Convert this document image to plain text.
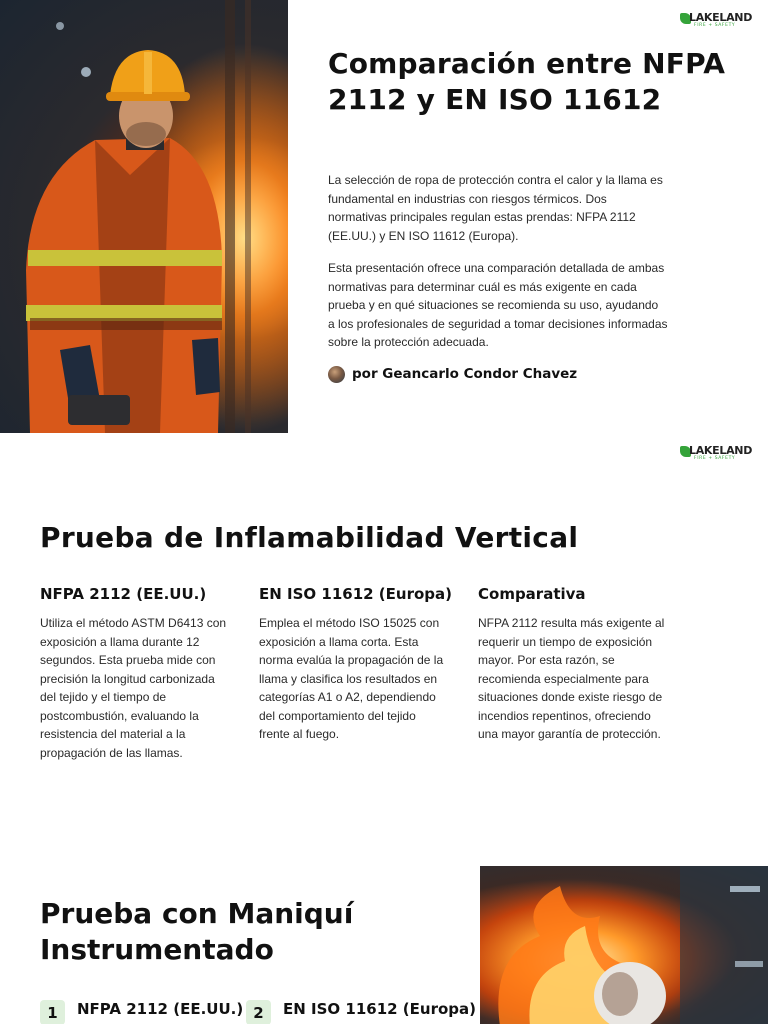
LAKELAND
FIRE + SAFETY
Comparación entre NFPA 2112 y EN ISO 11612

La selección de ropa de protección contra el calor y la llama es fundamental en industrias con riesgos térmicos. Dos normativas principales regulan estas prendas: NFPA 2112 (EE.UU.) y EN ISO 11612 (Europa).

Esta presentación ofrece una comparación detallada de ambas normativas para determinar cuál es más exigente en cada prueba y en qué situaciones se recomienda su uso, ayudando a los profesionales de seguridad a tomar decisiones informadas sobre la protección adecuada.

por Geancarlo Condor Chavez
LAKELAND
FIRE + SAFETY
Prueba de Inflamabilidad Vertical
NFPA 2112 (EE.UU.)

Utiliza el método ASTM D6413 con exposición a llama durante 12 segundos. Esta prueba mide con precisión la longitud carbonizada del tejido y el tiempo de postcombustión, evaluando la resistencia del material a la propagación de las llamas.

EN ISO 11612 (Europa)

Emplea el método ISO 15025 con exposición a llama corta. Esta norma evalúa la propagación de la llama y clasifica los resultados en categorías A1 o A2, dependiendo del comportamiento del tejido frente al fuego.

Comparativa

NFPA 2112 resulta más exigente al requerir un tiempo de exposición mayor. Por esta razón, se recomienda especialmente para situaciones donde existe riesgo de incendios repentinos, ofreciendo una mayor garantía de protección.

Prueba con Maniquí Instrumentado
1	NFPA 2112 (EE.UU.) 2	EN ISO 11612 (Europa)
